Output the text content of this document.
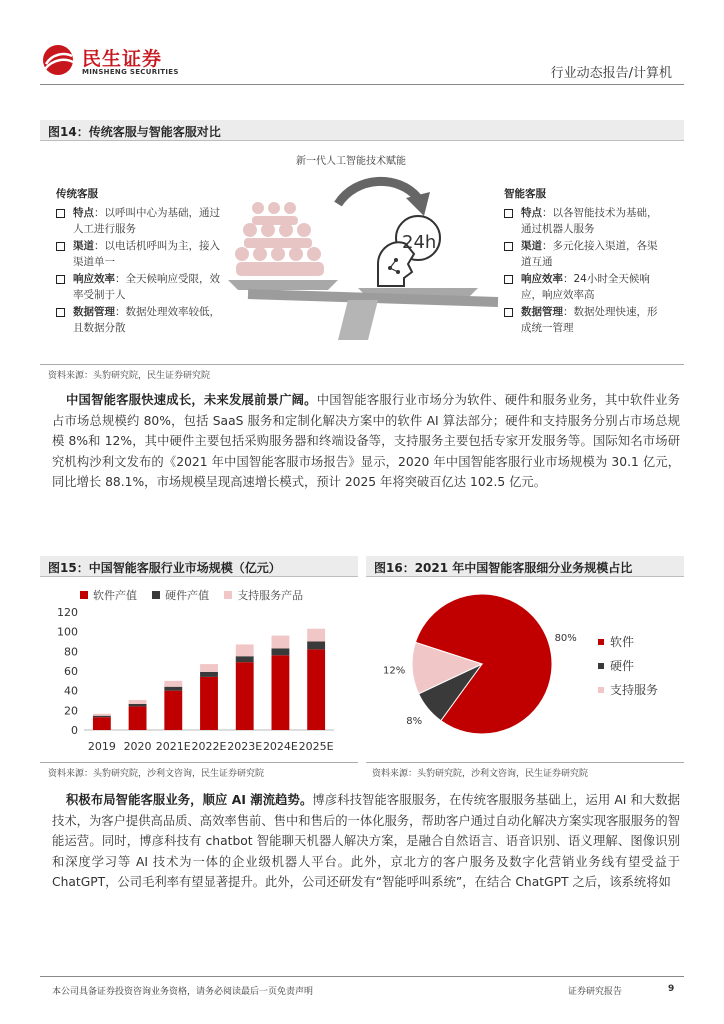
民生证券
MINSHENG SECURITIES	行业动态报告/计算机
图14：传统客服与智能客服对比
新一代人工智能技术赋能
传统客服
特点：以呼叫中心为基础，通过人工进行服务
渠道：以电话机呼叫为主，接入渠道单一
响应效率：全天候响应受限，效率受制于人
数据管理：数据处理效率较低，且数据分散
智能客服
特点：以各智能技术为基础，通过机器人服务
渠道：多元化接入渠道，各渠道互通
响应效率：24小时全天候响应，响应效率高
数据管理：数据处理快速，形成统一管理
24h
资料来源：头豹研究院，民生证券研究院
中国智能客服快速成长，未来发展前景广阔。中国智能客服行业市场分为软件、硬件和服务业务，其中软件业务占市场总规模约 80%，包括 SaaS 服务和定制化解决方案中的软件 AI 算法部分；硬件和支持服务分别占市场总规模 8%和 12%，其中硬件主要包括采购服务器和终端设备等，支持服务主要包括专家开发服务等。国际知名市场研究机构沙利文发布的《2021 年中国智能客服市场报告》显示，2020 年中国智能客服行业市场规模为 30.1 亿元，同比增长 88.1%，市场规模呈现高速增长模式，预计 2025 年将突破百亿达 102.5 亿元。
图15：中国智能客服行业市场规模（亿元）
软件产值
	硬件产值
	支持服务产品
0
20
40
60
80
100
120
2019 2020 2021E 2022E 2023E 2024E 2025E
资料来源：头豹研究院，沙利文咨询，民生证券研究院
图16：2021 年中国智能客服细分业务规模占比
80%
8%
12%
软件
硬件
支持服务
资料来源：头豹研究院，沙利文咨询，民生证券研究院
积极布局智能客服业务，顺应 AI 潮流趋势。博彦科技智能客服服务，在传统客服服务基础上，运用 AI 和大数据技术，为客户提供高品质、高效率售前、售中和售后的一体化服务，帮助客户通过自动化解决方案实现客服服务的智能运营。同时，博彦科技有 chatbot 智能聊天机器人解决方案，是融合自然语言、语音识别、语义理解、图像识别和深度学习等 AI 技术为一体的企业级机器人平台。此外，京北方的客户服务及数字化营销业务线有望受益于 ChatGPT，公司毛利率有望显著提升。此外，公司还研发有“智能呼叫系统”，在结合 ChatGPT 之后，该系统将如
本公司具备证券投资咨询业务资格，请务必阅读最后一页免责声明	证券研究报告	9
